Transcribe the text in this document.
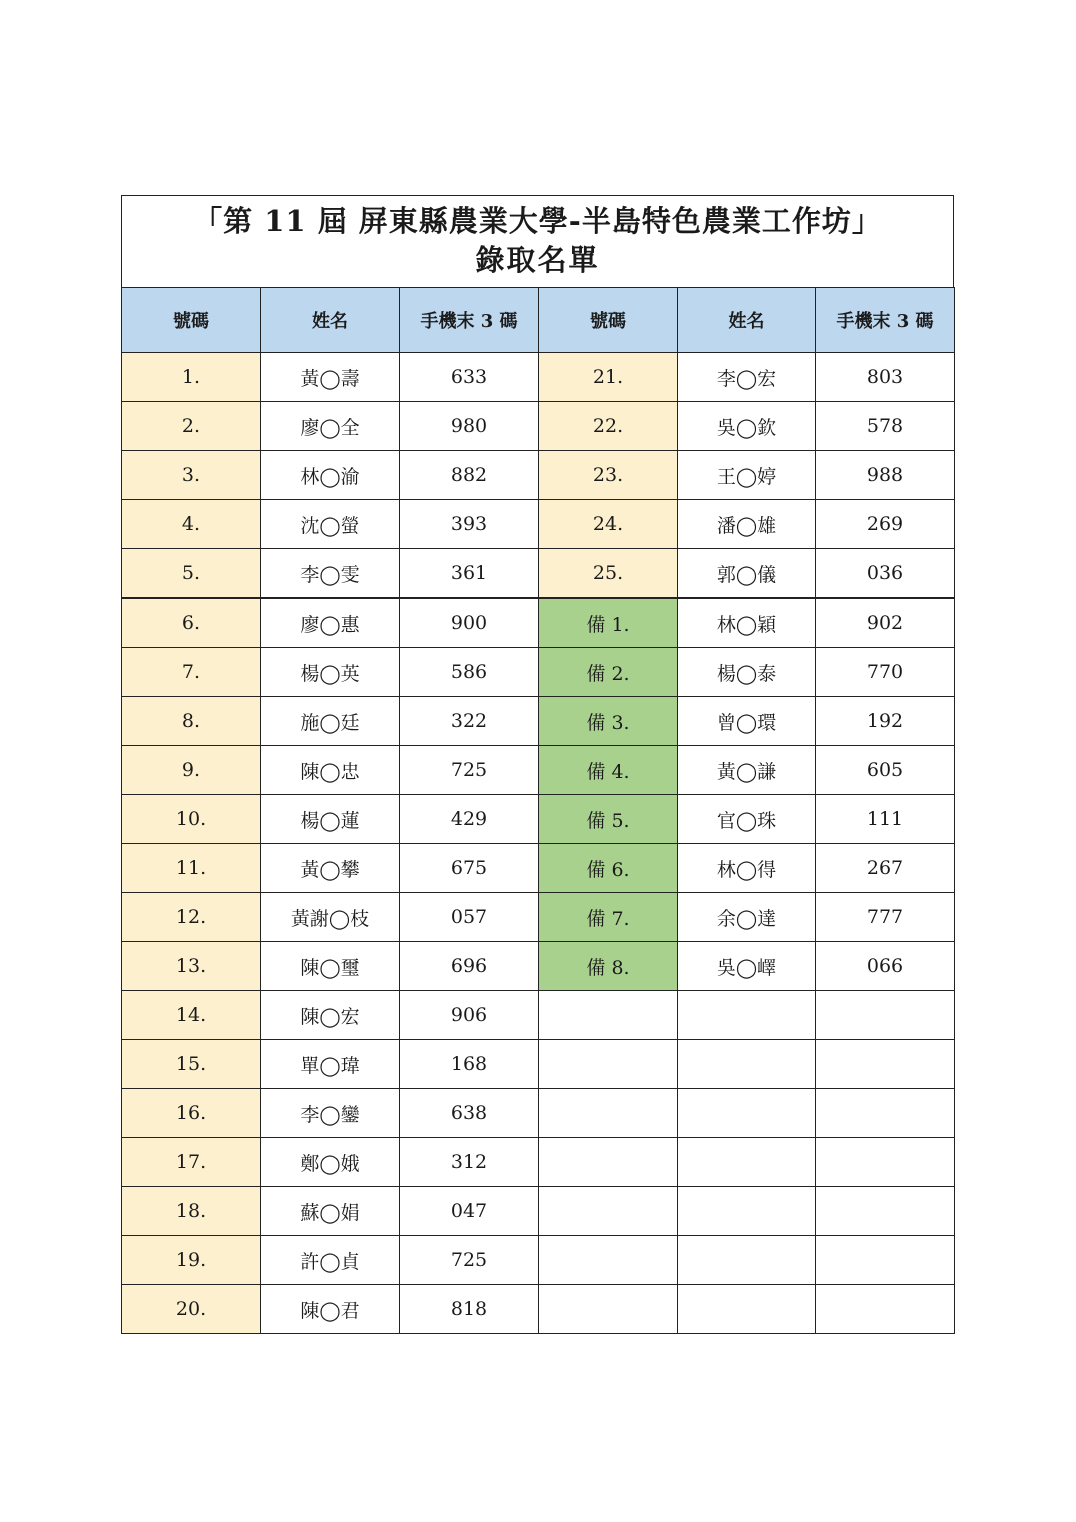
「第 11 屆 屏東縣農業大學-半島特色農業工作坊」
錄取名單
號碼	姓名	手機末 3 碼	號碼	姓名	手機末 3 碼
1.	黃◯壽	633	21.	李◯宏	803
2.	廖◯全	980	22.	吳◯欽	578
3.	林◯渝	882	23.	王◯婷	988
4.	沈◯螢	393	24.	潘◯雄	269
5.	李◯雯	361	25.	郭◯儀	036
6.	廖◯惠	900	備 1.	林◯穎	902
7.	楊◯英	586	備 2.	楊◯泰	770
8.	施◯廷	322	備 3.	曾◯環	192
9.	陳◯忠	725	備 4.	黃◯謙	605
10.	楊◯蓮	429	備 5.	官◯珠	111
11.	黃◯攀	675	備 6.	林◯得	267
12.	黃謝◯枝	057	備 7.	余◯達	777
13.	陳◯璽	696	備 8.	吳◯嶧	066
14.	陳◯宏	906			
15.	單◯瑋	168			
16.	李◯鑾	638			
17.	鄭◯娥	312			
18.	蘇◯娟	047			
19.	許◯貞	725			
20.	陳◯君	818			
